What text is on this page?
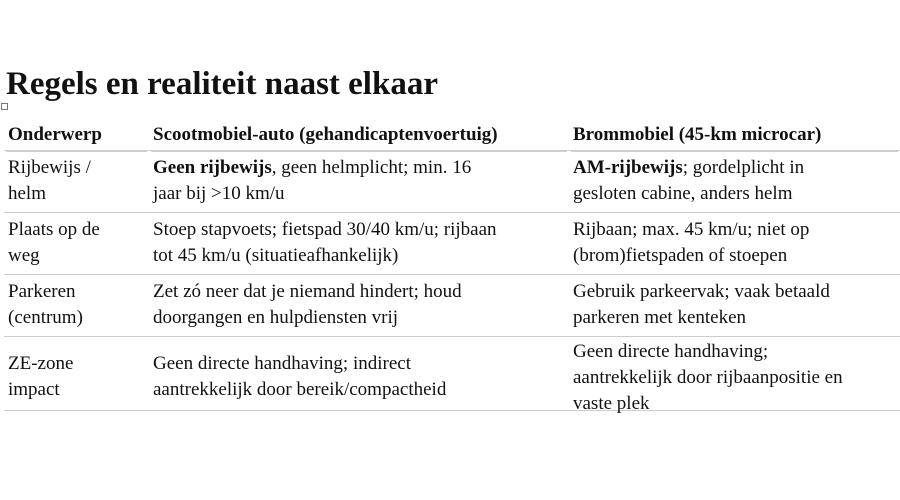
Regels en realiteit naast elkaar
Onderwerp	Scootmobiel-auto (gehandicaptenvoertuig)	Brommobiel (45-km microcar)
Rijbewijs /
helm
Geen rijbewijs, geen helmplicht; min. 16
jaar bij >10 km/u
AM-rijbewijs; gordelplicht in
gesloten cabine, anders helm
Plaats op de
weg
Stoep stapvoets; fietspad 30/40 km/u; rijbaan
tot 45 km/u (situatieafhankelijk)
Rijbaan; max. 45 km/u; niet op
(brom)fietspaden of stoepen
Parkeren
(centrum)
Zet zó neer dat je niemand hindert; houd
doorgangen en hulpdiensten vrij
Gebruik parkeervak; vaak betaald
parkeren met kenteken
ZE-zone
impact
Geen directe handhaving; indirect
aantrekkelijk door bereik/compactheid
Geen directe handhaving;
aantrekkelijk door rijbaanpositie en
vaste plek
